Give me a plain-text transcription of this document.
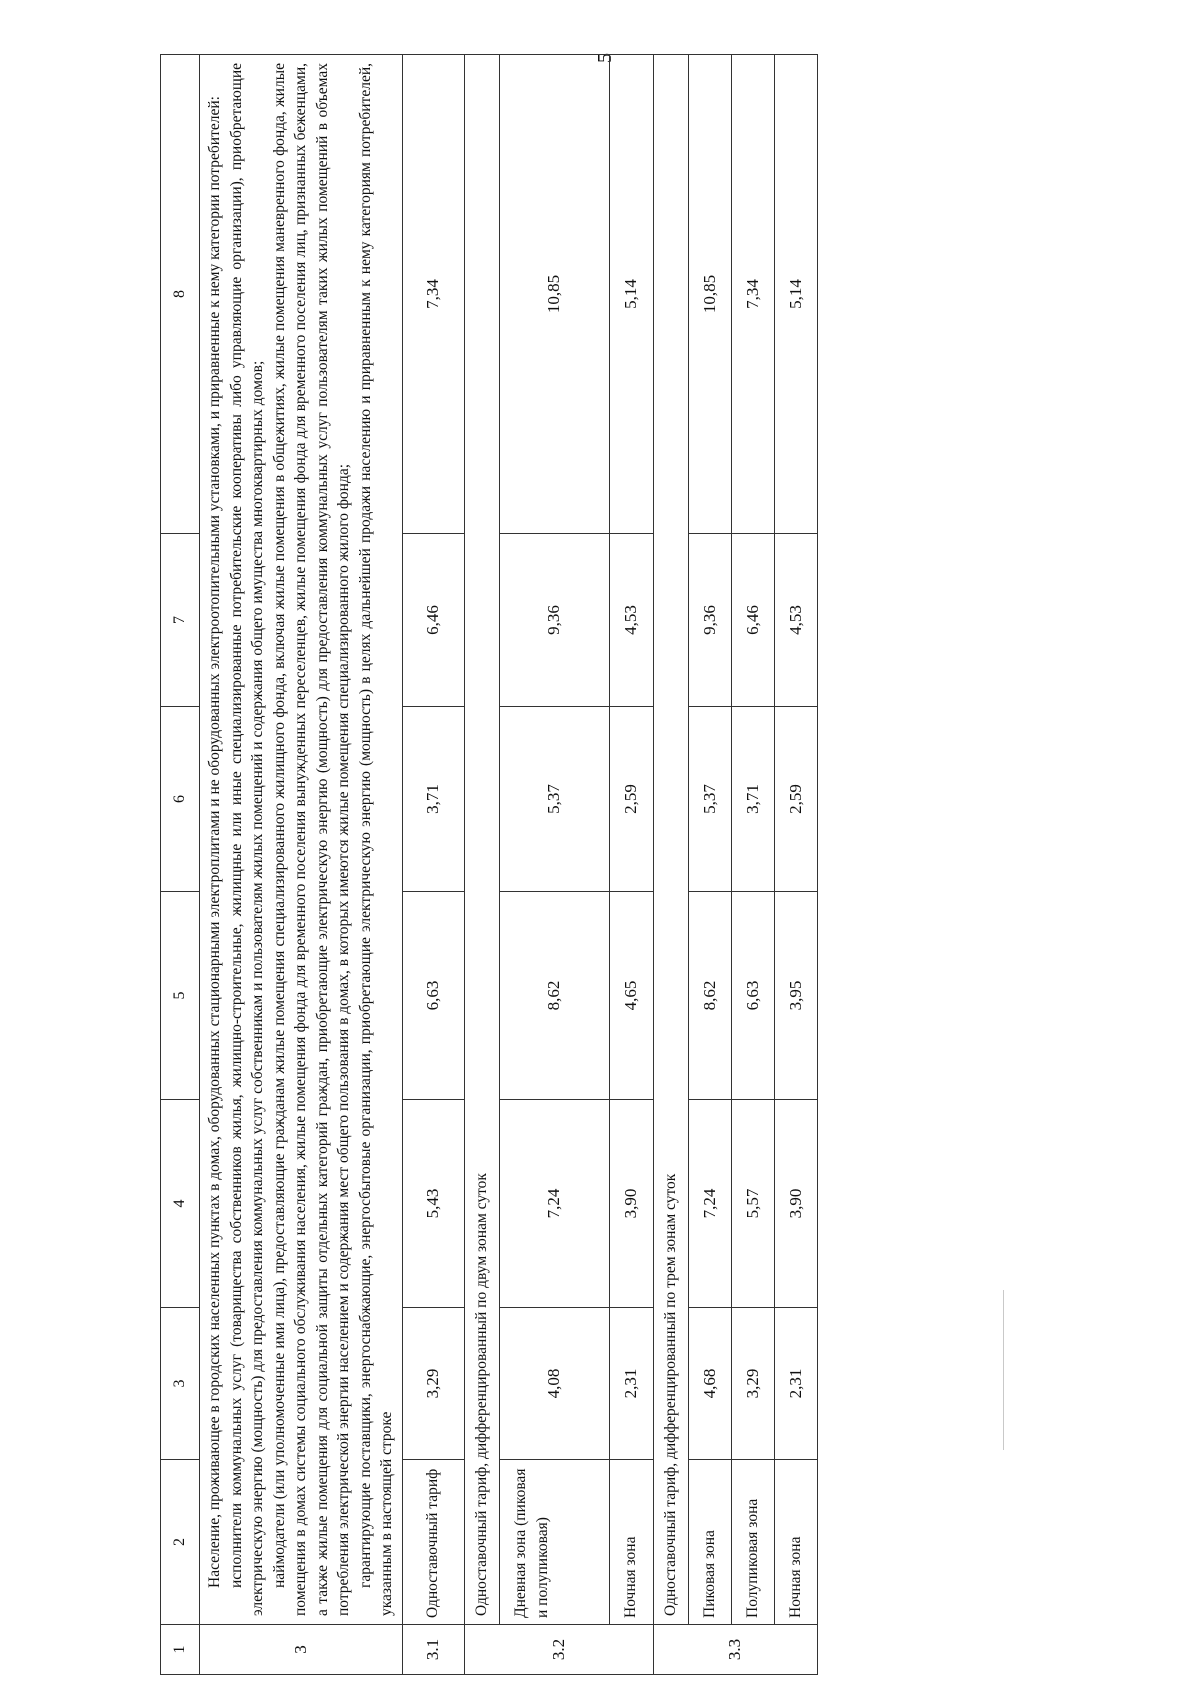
5
1	2	3	4	5	6	7	8
3	Население, проживающее в городских населенных пунктах в домах, оборудованных стационарными электроплитами и не оборудованных электроотопительными установками, и приравненные к нему категории потребителей: исполнители коммунальных услуг (товарищества собственников жилья, жилищно-строительные, жилищные или иные специализированные потребительские кооперативы либо управляющие организации), приобретающие электрическую энергию (мощность) для предоставления коммунальных услуг собственникам и пользователям жилых помещений и содержания общего имущества многоквартирных домов; наймодатели (или уполномоченные ими лица), предоставляющие гражданам жилые помещения специализированного жилищного фонда, включая жилые помещения в общежитиях, жилые помещения маневренного фонда, жилые помещения в домах системы социального обслуживания населения, жилые помещения фонда для временного поселения вынужденных переселенцев, жилые помещения фонда для временного поселения лиц, признанных беженцами, а также жилые помещения для социальной защиты отдельных категорий граждан, приобретающие электрическую энергию (мощность) для предоставления коммунальных услуг пользователям таких жилых помещений в объемах потребления электрической энергии населением и содержания мест общего пользования в домах, в которых имеются жилые помещения специализированного жилого фонда; гарантирующие поставщики, энергоснабжающие, энергосбытовые организации, приобретающие электрическую энергию (мощность) в целях дальнейшей продажи населению и приравненным к нему категориям потребителей, указанным в настоящей строке						

3.1	Одноставочный тариф	3,29	5,43	6,63	3,71	6,46	7,34
3.2	Одноставочный тариф, дифференцированный по двум зонам суток						
	Дневная зона (пиковая и полупиковая)	4,08	7,24	8,62	5,37	9,36	10,85
	Ночная зона	2,31	3,90	4,65	2,59	4,53	5,14
3.3	Одноставочный тариф, дифференцированный по трем зонам суток						
	Пиковая зона	4,68	7,24	8,62	5,37	9,36	10,85
	Полупиковая зона	3,29	5,57	6,63	3,71	6,46	7,34
	Ночная зона	2,31	3,90	3,95	2,59	4,53	5,14
